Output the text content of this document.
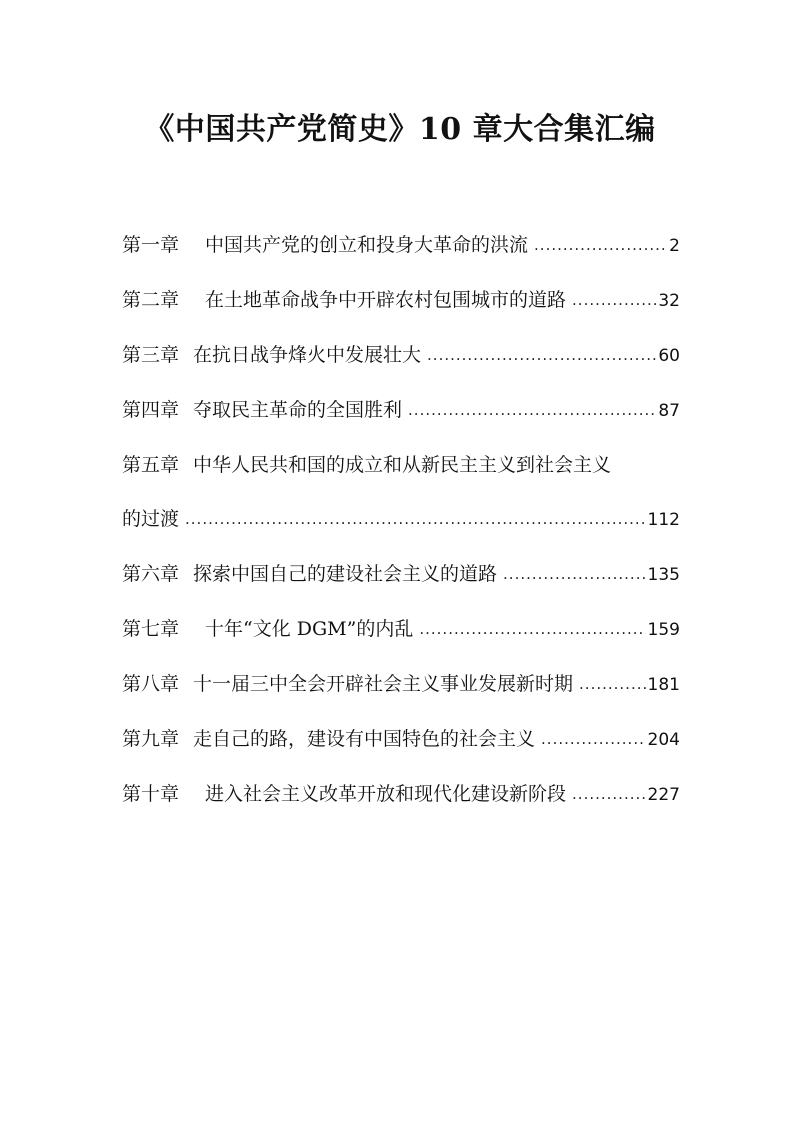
《中国共产党简史》10 章大合集汇编
第一章 中国共产党的创立和投身大革命的洪流 .....	2
第二章 在土地革命战争中开辟农村包围城市的道路 .....	32
第三章 在抗日战争烽火中发展壮大 .....	60
第四章 夺取民主革命的全国胜利 .....	87
第五章 中华人民共和国的成立和从新民主主义到社会主义
的过渡 .....	112
第六章 探索中国自己的建设社会主义的道路 .....	135
第七章 十年“文化 DGM”的内乱 .....	159
第八章 十一届三中全会开辟社会主义事业发展新时期 .....	181
第九章 走自己的路，建设有中国特色的社会主义 .....	204
第十章 进入社会主义改革开放和现代化建设新阶段 .....	227
